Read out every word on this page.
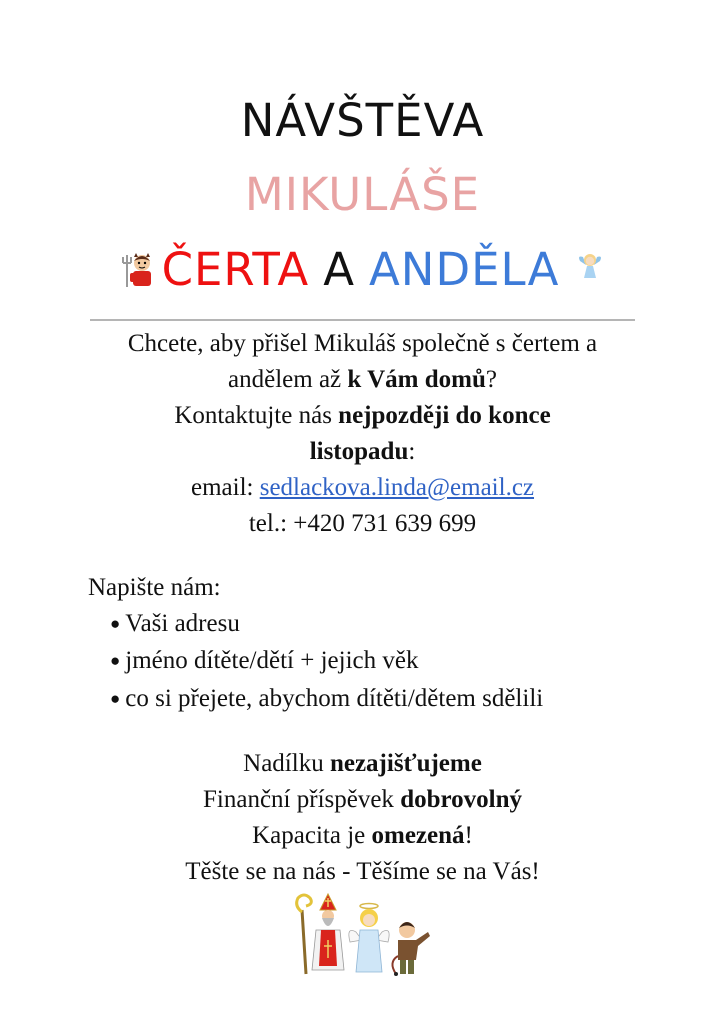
NÁVŠTĚVA
MIKULÁŠE
ČERTA A ANDĚLA
Chcete, aby přišel Mikuláš společně s čertem a
andělem až k Vám domů?
Kontaktujte nás nejpozději do konce
listopadu:
email: sedlackova.linda@email.cz
tel.: +420 731 639 699
Napište nám:
● Vaši adresu
● jméno dítěte/dětí + jejich věk
● co si přejete, abychom dítěti/dětem sdělili
Nadílku nezajišťujeme
Finanční příspěvek dobrovolný
Kapacita je omezená!
Těšte se na nás - Těšíme se na Vás!
